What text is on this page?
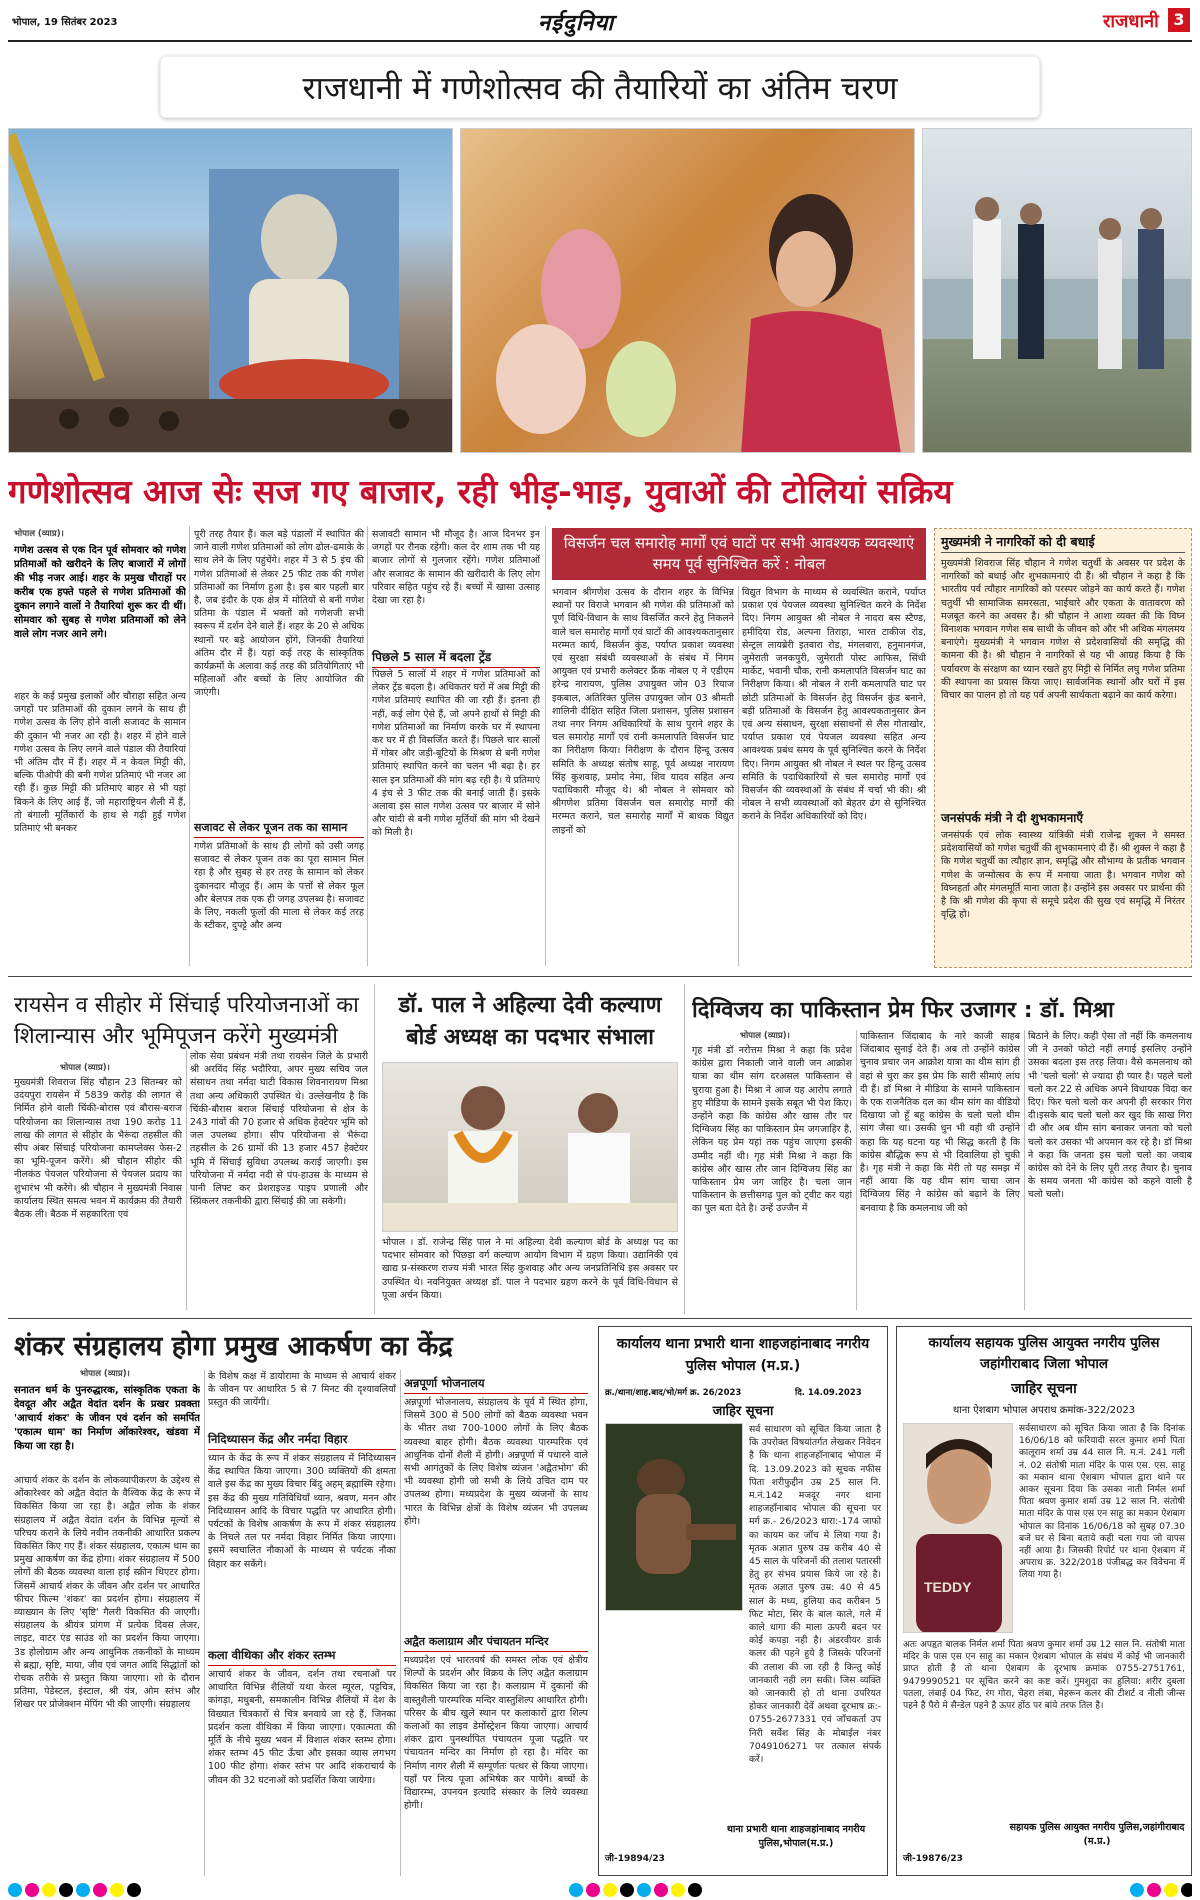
भोपाल, 19 सितंबर 2023	नईदुनिया	राजधानी 3
राजधानी में गणेशोत्सव की तैयारियों का अंतिम चरण
गणेशोत्सव आज सेः सज गए बाजार, रही भीड़-भाड़, युवाओं की टोलियां सक्रिय
भोपाल (व्याप्र)।
गणेश उत्सव से एक दिन पूर्व सोमवार को गणेश प्रतिमाओं को खरीदने के लिए बाजारों में लोगों की भीड़ नजर आई। शहर के प्रमुख चौराहों पर करीब एक हफ्ते पहले से गणेश प्रतिमाओं की दुकान लगाने वालों ने तैयारियां शुरू कर दी थीं। सोमवार को सुबह से गणेश प्रतिमाओं को लेने वाले लोग नजर आने लगे।
शहर के कई प्रमुख इलाकों और चौराहा सहित अन्य जगहों पर प्रतिमाओं की दुकान लगने के साथ ही गणेश उत्सव के लिए होने वाली सजावट के सामान की दुकान भी नजर आ रही है। शहर में होने वाले गणेश उत्सव के लिए लगने वाले पंडाल की तैयारियां भी अंतिम दौर में हैं। शहर में न केवल मिट्टी की, बल्कि पीओपी की बनी गणेश प्रतिमाएं भी नजर आ रही हैं। कुछ मिट्टी की प्रतिमाएं बाहर से भी यहां बिकने के लिए आई हैं, जो महाराष्ट्रियन शैली में हैं, तो बंगाली मूर्तिकारों के हाथ से गढ़ी हुई गणेश प्रतिमाएं भी बनकर
पूरी तरह तैयार हैं। कल बड़े पंडालों में स्थापित की जाने वाली गणेश प्रतिमाओं को लोग ढोल-ढमाके के साथ लेने के लिए पहुंचेंगे। शहर में 3 से 5 इंच की गणेश प्रतिमाओं से लेकर 25 फीट तक की गणेश प्रतिमाओं का निर्माण हुआ है। इस बार पहली बार है, जब इंदौर के एक क्षेत्र में मोतियों से बनी गणेश प्रतिमा के पंडाल में भक्तों को गणेशजी सभी स्वरूप में दर्शन देने वाले हैं। शहर के 20 से अधिक स्थानों पर बड़े आयोजन होंगे, जिनकी तैयारियां अंतिम दौर में हैं। यहां कई तरह के सांस्कृतिक कार्यक्रमों के अलावा कई तरह की प्रतियोगिताएं भी महिलाओं और बच्चों के लिए आयोजित की जाएंगी।
सजावट से लेकर पूजन तक का सामान
गणेश प्रतिमाओं के साथ ही लोगों को उसी जगह सजावट से लेकर पूजन तक का पूरा सामान मिल रहा है और सुबह से हर तरह के सामान को लेकर दुकानदार मौजूद हैं। आम के पत्तों से लेकर फूल और बेलपत्र तक एक ही जगह उपलब्ध है। सजावट के लिए, नकली फूलों की माला से लेकर कई तरह के स्टीकर, दुपट्टे और अन्य
सजावटी सामान भी मौजूद है। आज दिनभर इन जगहों पर रौनक रहेगी। कल देर शाम तक भी यह बाजार लोगों से गुलजार रहेंगे। गणेश प्रतिमाओं और सजावट के सामान की खरीदारी के लिए लोग परिवार सहित पहुंच रहे हैं। बच्चों में खासा उत्साह देखा जा रहा है।
पिछले 5 साल में बदला ट्रेंड
पिछले 5 सालों में शहर में गणेश प्रतिमाओं को लेकर ट्रेंड बदला है। अधिकतर घरों में अब मिट्टी की गणेश प्रतिमाएं स्थापित की जा रही हैं। इतना ही नहीं, कई लोग ऐसे हैं, जो अपने हाथों से मिट्टी की गणेश प्रतिमाओं का निर्माण करके घर में स्थापना कर घर में ही विसर्जित करते हैं। पिछले चार सालों में गोबर और जड़ी-बूटियों के मिश्रण से बनी गणेश प्रतिमाएं स्थापित करने का चलन भी बढ़ा है। हर साल इन प्रतिमाओं की मांग बढ़ रही है। ये प्रतिमाएं 4 इंच से 3 फीट तक की बनाई जाती हैं। इसके अलावा इस साल गणेश उत्सव पर बाजार में सोने और चांदी से बनी गणेश मूर्तियों की मांग भी देखने को मिली है।
विसर्जन चल समारोह मार्गों एवं घाटों पर सभी आवश्यक व्यवस्थाएं समय पूर्व सुनिश्चित करें : नोबल
भगवान श्रीगणेश उत्सव के दौरान शहर के विभिन्न स्थानों पर विराजे भगवान श्री गणेश की प्रतिमाओं को पूर्ण विधि-विधान के साथ विसर्जित करने हेतु निकलने वाले चल समारोह मार्गों एवं घाटों की आवश्यकतानुसार मरम्मत कार्य, विसर्जन कुंड, पर्याप्त प्रकाश व्यवस्था एवं सुरक्षा संबंधी व्यवस्थाओं के संबंध में निगम आयुक्त एवं प्रभारी कलेक्टर फ्रैंक नोबल ए ने एडीएम हरेन्द्र नारायण, पुलिस उपायुक्त जोन 03 रियाज इकबाल, अतिरिक्त पुलिस उपायुक्त जोन 03 श्रीमती शालिनी दीक्षित सहित जिला प्रशासन, पुलिस प्रशासन तथा नगर निगम अधिकारियों के साथ पुराने शहर के चल समारोह मार्गों एवं रानी कमलापति विसर्जन घाट का निरीक्षण किया। निरीक्षण के दौरान हिन्दू उत्सव समिति के अध्यक्ष संतोष साहू, पूर्व अध्यक्ष नारायण सिंह कुशवाह, प्रमोद नेमा, शिव यादव सहित अन्य पदाधिकारी मौजूद थे। श्री नोबल ने सोमवार को श्रीगणेश प्रतिमा विसर्जन चल समारोह मार्गों की मरम्मत कराने, चल समारोह मार्गों में बाधक विद्युत लाइनों को
विद्युत विभाग के माध्यम से व्यवस्थित कराने, पर्याप्त प्रकाश एवं पेयजल व्यवस्था सुनिश्चित करने के निर्देश दिए। निगम आयुक्त श्री नोबल ने नादरा बस स्टैण्ड, हमीदिया रोड, अल्पना तिराहा, भारत टाकीज रोड, सेन्ट्रल लायब्रेरी इतवारा रोड, मंगलवारा, हनुमानगंज, जुमेराती जनकपुरी, जुमेराती पोस्ट आफिस, सिंधी मार्केट, भवानी चौक, रानी कमलापति विसर्जन घाट का निरीक्षण किया। श्री नोबल ने रानी कमलापति घाट पर छोटी प्रतिमाओं के विसर्जन हेतु विसर्जन कुंड बनाने, बड़ी प्रतिमाओं के विसर्जन हेतु आवश्यकतानुसार क्रेन एवं अन्य संसाधन, सुरक्षा संसाधनों से लैस गोताखोर, पर्याप्त प्रकाश एवं पेयजल व्यवस्था सहित अन्य आवश्यक प्रबंध समय के पूर्व सुनिश्चित करने के निर्देश दिए। निगम आयुक्त श्री नोबल ने स्थल पर हिन्दू उत्सव समिति के पदाधिकारियों से चल समारोह मार्गों एवं विसर्जन की व्यवस्थाओं के संबंध में चर्चा भी की। श्री नोबल ने सभी व्यवस्थाओं को बेहतर ढंग से सुनिश्चित कराने के निर्देश अधिकारियों को दिए।
मुख्यमंत्री ने नागरिकों को दी बधाई
मुख्यमंत्री शिवराज सिंह चौहान ने गणेश चतुर्थी के अवसर पर प्रदेश के नागरिकों को बधाई और शुभकामनाएं दी हैं। श्री चौहान ने कहा है कि भारतीय पर्व त्यौहार नागरिकों को परस्पर जोड़ने का कार्य करते हैं। गणेश चतुर्थी भी सामाजिक समरसता, भाईचारे और एकता के वातावरण को मजबूत करने का अवसर है। श्री चौहान ने आशा व्यक्त की कि विघ्न विनाशक भगवान गणेश सब साथी के जीवन को और भी अधिक मंगलमय बनाएंगे। मुख्यमंत्री ने भगवान गणेश से प्रदेशवासियों की समृद्धि की कामना की है। श्री चौहान ने नागरिकों से यह भी आग्रह किया है कि पर्यावरण के संरक्षण का ध्यान रखते हुए मिट्टी से निर्मित लघु गणेश प्रतिमा की स्थापना का प्रयास किया जाए। सार्वजनिक स्थानों और घरों में इस विचार का पालन हो तो यह पर्व अपनी सार्थकता बढ़ाने का कार्य करेगा।
जनसंपर्क मंत्री ने दी शुभकामनाएँ
जनसंपर्क एवं लोक स्वास्थ्य यांत्रिकी मंत्री राजेन्द्र शुक्ल ने समस्त प्रदेशवासियों को गणेश चतुर्थी की शुभकामनाएं दी हैं। श्री शुक्ल ने कहा है कि गणेश चतुर्थी का त्यौहार ज्ञान, समृद्धि और सौभाग्य के प्रतीक भगवान गणेश के जन्मोत्सव के रूप में मनाया जाता है। भगवान गणेश को विघ्नहर्ता और मंगलमूर्ति माना जाता है। उन्होंने इस अवसर पर प्रार्थना की है कि श्री गणेश की कृपा से समूचे प्रदेश की सुख एवं समृद्धि में निरंतर वृद्धि हो।
रायसेन व सीहोर में सिंचाई परियोजनाओं का शिलान्यास और भूमिपूजन करेंगे मुख्यमंत्री
भोपाल (व्याप्र)।
मुख्यमंत्री शिवराज सिंह चौहान 23 सितम्बर को उदयपुरा रायसेन में 5839 करोड़ की लागत से निर्मित होने वाली चिंकी-बोरास एवं बौरास-बराज परियोजना का शिलान्यास तथा 190 करोड़ 11 लाख की लागत से सीहोर के भैरूंदा तहसील की सीप अंबर सिंचाई परियोजना कामप्लेक्स फेस-2 का भूमि-पूजन करेंगे। श्री चौहान सीहोर की नीलकंठ पेयजल परियोजना से पेयजल प्रदाय का शुभारंभ भी करेंगे। श्री चौहान ने मुख्यमंत्री निवास कार्यालय स्थित समत्व भवन में कार्यक्रम की तैयारी बैठक ली। बैठक में सहकारिता एवं
लोक सेवा प्रबंधन मंत्री तथा रायसेन जिले के प्रभारी श्री अरविंद सिंह भदौरिया, अपर मुख्य सचिव जल संसाधन तथा नर्मदा घाटी विकास शिवनारायण मिश्रा तथा अन्य अधिकारी उपस्थित थे। उल्लेखनीय है कि चिंकी-बौरास बराज सिंचाई परियोजना से क्षेत्र के 243 गांवों की 70 हजार से अधिक हेक्टेयर भूमि को जल उपलब्ध होगा। सीप परियोजना से भैरूंदा तहसील के 26 ग्रामों की 13 हजार 457 हेक्टेयर भूमि में सिंचाई सुविधा उपलब्ध कराई जाएगी। इस परियोजना में नर्मदा नदी से पंप-हाउस के माध्यम से पानी लिफ्ट कर प्रेशराइज्ड पाइप प्रणाली और स्प्रिंकलर तकनीकी द्वारा सिंचाई की जा सकेगी।
डॉ. पाल ने अहिल्या देवी कल्याण बोर्ड अध्यक्ष का पदभार संभाला
भोपाल । डॉ. राजेन्द्र सिंह पाल ने मां अहिल्या देवी कल्याण बोर्ड के अध्यक्ष पद का पदभार सोमवार को पिछड़ा वर्ग कल्याण आयोग विभाग में ग्रहण किया। उद्यानिकी एवं खाद्य प्र-संस्करण राज्य मंत्री भारत सिंह कुशवाह और अन्य जनप्रतिनिधि इस अवसर पर उपस्थित थे। नवनियुक्त अध्यक्ष डॉ. पाल ने पदभार ग्रहण करने के पूर्व विधि-विधान से पूजा अर्चन किया।
दिग्विजय का पाकिस्तान प्रेम फिर उजागर : डॉ. मिश्रा
भोपाल (व्याप्र)।
गृह मंत्री डॉ नरोत्तम मिश्रा ने कहा कि प्रदेश कांग्रेस द्वारा निकाली जाने वाली जन आक्रोश यात्रा का थीम सांग दरअसल पाकिस्तान से चुराया हुआ है। मिश्रा ने आज यह आरोप लगाते हुए मीडिया के सामने इसके सबूत भी पेश किए। उन्होंने कहा कि कांग्रेस और खास तौर पर दिग्विजय सिंह का पाकिस्तान प्रेम जगजाहिर है, लेकिन यह प्रेम यहां तक पहुंच जाएगा इसकी उम्मीद नहीं थी। गृह मंत्री मिश्रा ने कहा कि कांग्रेस और खास तौर जान दिग्विजय सिंह का पाकिस्तान प्रेम जग जाहिर है। चला जान पाकिस्तान के छत्तीसगढ़ पुल को ट्वीट कर यहां का पुल बता देते है। उन्हें उज्जैन में
पाकिस्तान जिंदाबाद के नारे काजी साहब जिंदाबाद सुनाई देते हैं। अब तो उन्होंने कांग्रेस चुनाव प्रचार जन आक्रोश यात्रा का थीम सांग ही वहां से चुरा कर इस प्रेम कि सारी सीमाएं लांघ दी हैं। डॉ मिश्रा ने मीडिया के सामने पाकिस्तान के एक राजनैतिक दल का थीम सांग का वीडियो दिखाया जो हूँ बहू कांग्रेस के चलो चलो थीम सांग जैसा था। उसकी धुन भी वही थी उन्होंने कहा कि यह घटना यह भी सिद्ध करती है कि कांग्रेस बौद्धिक रूप से भी दिवालिया हो चुकी है। गृह मंत्री ने कहा कि मेरी तो यह समझ में नहीं आया कि यह थीम सांग चाचा जान दिग्विजय सिंह ने कांग्रेस को बढ़ाने के लिए बनवाया है कि कमलनाथ जी को
बिठाने के लिए। कही ऐसा तो नहीं कि कमलनाथ जी ने उनको फोटो नहीं लगाई इसलिए उन्होंने उसका बदला इस तरह लिया। वैसे कमलनाथ को भी 'चलो चलो' से ज्यादा ही प्यार है। पहले चलो चलो कर 22 से अधिक अपने विधायक विदा कर दिए। फिर चलो चलो कर अपनी ही सरकार गिरा दी।इसके बाद चलो चलो कर खुद कि साख गिरा दी और अब थीम सांग बनाकर जनता को चलो चलो कर उसका भी अपमान कर रहे है। डॉ मिश्रा ने कहा कि जनता इस चलो चलो का जवाब कांग्रेस को देने के लिए पूरी तरह तैयार है। चुनाव के समय जनता भी कांग्रेस को कहने वाली है चलो चलो।
शंकर संग्रहालय होगा प्रमुख आकर्षण का केंद्र
भोपाल (व्याप्र)।
सनातन धर्म के पुनरुद्धारक, सांस्कृतिक एकता के देवदूत और अद्वैत वेदांत दर्शन के प्रखर प्रवक्ता 'आचार्य शंकर' के जीवन एवं दर्शन को समर्पित 'एकात्म धाम' का निर्माण ओंकारेश्वर, खंडवा में किया जा रहा है।
आचार्य शंकर के दर्शन के लोकव्यापीकरण के उद्देश्य से ओंकारेश्वर को अद्वैत वेदांत के वैश्विक केंद्र के रूप में विकसित किया जा रहा है। अद्वैत लोक के शंकर संग्रहालय में अद्वैत वेदांत दर्शन के विभिन्न मूल्यों से परिचय कराने के लिये नवीन तकनीकी आधारित प्रकल्प विकसित किए गए हैं। शंकर संग्रहालय, एकात्म धाम का प्रमुख आकर्षण का केंद्र होगा। शंकर संग्रहालय में 500 लोगों की बैठक व्यवस्था वाला हाई स्क्रीन थिएटर होगा। जिसमें आचार्य शंकर के जीवन और दर्शन पर आधारित फीचर फिल्म 'शंकर' का प्रदर्शन होगा। संग्रहालय में व्याख्यान के लिए 'सृष्टि' गैलरी विकसित की जाएगी। संग्रहालय के श्रीयंत्र प्रांगण में प्रत्येक दिवस लेजर, लाइट, वाटर एंड साउंड शो का प्रदर्शन किया जाएगा। 3ड होलोग्राम और अन्य आधुनिक तकनीकों के माध्यम से ब्रह्मा, सृष्टि, माया, जीव एवं जगत आदि सिद्धांतों को रोचक तरीके से प्रस्तुत किया जाएगा। शो के दौरान प्रतिमा, पेडेस्टल, इंस्टाल, श्री यंत्र, ओम स्तंभ और शिखर पर प्रोजेक्शन मेपिंग भी की जाएगी। संग्रहालय
के विशेष कक्ष में डायोरामा के माध्यम से आचार्य शंकर के जीवन पर आधारित 5 से 7 मिनट की दृश्यावलियाँ प्रस्तुत की जायेंगी।
निदिध्यासन केंद्र और नर्मदा विहार
ध्यान के केंद्र के रूप में शंकर संग्रहालय में निदिध्यासन केंद्र स्थापित किया जाएगा। 300 व्यक्तियों की क्षमता वाले इस केंद्र का मुख्य विचार बिंदु अहम् ब्रह्मास्मि रहेगा। इस केंद्र की मुख्य गतिविधियाँ ध्यान, श्रवण, मनन और निदिध्यासन आदि के विचार पद्धति पर आधारित होगी। पर्यटकों के विशेष आकर्षण के रूप में शंकर संग्रहालय के निचले तल पर नर्मदा विहार निर्मित किया जाएगा। इसमें स्वचालित नौकाओं के माध्यम से पर्यटक नौका विहार कर सकेंगे।
कला वीथिका और शंकर स्तम्भ
आचार्य शंकर के जीवन, दर्शन तथा रचनाओं पर आधारित विभिन्न शैलियों यथा केरल म्यूरल, पट्टचित्र, कांगड़ा, मधुबनी, समकालीन विभिन्न शैलियों में देश के विख्यात चित्रकारों से चित्र बनवाये जा रहे हैं, जिनका प्रदर्शन कला वीथिका में किया जाएगा। एकात्मता की मूर्ति के नीचे मुख्य भवन में विशाल शंकर स्तम्भ होगा। शंकर स्तम्भ 45 फीट ऊँचा और इसका व्यास लगभग 100 फीट होगा। शंकर स्तंभ पर आदि शंकराचार्य के जीवन की 32 घटनाओं को प्रदर्शित किया जायेगा।
अन्नपूर्णा भोजनालय
अन्नपूर्णा भोजनालय, संग्रहालय के पूर्व में स्थित होगा, जिसमें 300 से 500 लोगों को बैठक व्यवस्था भवन के भीतर तथा 700-1000 लोगों के लिए बैठक व्यवस्था बाहर होगी। बैठक व्यवस्था पारम्परिक एवं आधुनिक दोनों शैली में होगी। अन्नपूर्णा में पधारने वाले सभी आगंतुकों के लिए विशेष व्यंजन 'अद्वैतभोग' की भी व्यवस्था होगी जो सभी के लिये उचित दाम पर उपलब्ध होगा। मध्यप्रदेश के मुख्य व्यंजनों के साथ भारत के विभिन्न क्षेत्रों के विशेष व्यंजन भी उपलब्ध होंगे।
अद्वैत कलाग्राम और पंचायतन मन्दिर
मध्यप्रदेश एवं भारतवर्ष की समस्त लोक एवं क्षेत्रीय शिल्पों के प्रदर्शन और विक्रय के लिए अद्वैत कलाग्राम विकसित किया जा रहा है। कलाग्राम में दुकानों की वास्तुशैली पारम्परिक मन्दिर वास्तुशिल्प आधारित होगी। परिसर के बीच खुले स्थान पर कलाकारों द्वारा शिल्प कलाओं का लाइव डेमोंस्ट्रेशन किया जाएगा। आचार्य शंकर द्वारा पुनर्स्थापित पंचायतन पूजा पद्धति पर पंचायतन मन्दिर का निर्माण हो रहा है। मंदिर का निर्माण नागर शैली में सम्पूर्णतः पत्थर से किया जाएगा। यहाँ पर नित्य पूजा अभिषेक कर पायेंगे। बच्चों के विद्यारम्भ, उपनयन इत्यादि संस्कार के लिये व्यवस्था होगी।
कार्यालय थाना प्रभारी थाना शाहजहांनाबाद नगरीय पुलिस भोपाल (म.प्र.)
क्र./थाना/शाह.बाद/भो/मर्ग क्र. 26/2023	दि. 14.09.2023
जाहिर सूचना
सर्व साधारण को सूचित किया जाता है कि उपरोक्त विषयांतर्गत लेखकर निवेदन है कि थाना शाहजहाँनाबाद भोपाल में दि. 13.09.2023 को सूचक नफीस पिता शरीफुद्दीन उम्र 25 साल नि. म.नं.142 मजदूर नगर थाना शाहजहाँनाबाद भोपाल की सूचना पर मर्ग क्र.- 26/2023 धारा:-174 जाफो का कायम कर जॉच मे लिया गया है। मृतक अज्ञात पुरुष उम्र करीब 40 से 45 साल के परिजनों की तलाश पतारसी हेतु हर संभव प्रयास किये जा रहे है। मृतक अज्ञात पुरुष उम्र: 40 से 45 साल के मध्य, हुलिया कद करीबन 5 फिट मोटा, सिर के बाल काले, गले में काले धागा की माला ऊपरी बदन पर कोई कपड़ा नही है। अंडरवीयर डार्क कलर की पहने हुये है जिसके परिजनों की तलाश की जा रही है किन्तु कोई जानकारी नही लग सकी। जिस व्यक्ति को जानकारी हो तो थाना उपरियत होकर जानकारी देवें अथवा दूरभाष क्र:- 0755-2677331 एवं जाँचकर्ता उप निरी सर्वेश सिंह के मोबाईल नंबर 7049106271 पर तत्काल संपर्क करें।
थाना प्रभारी थाना शाहजहांनाबाद नगरीय पुलिस,भोपाल(म.प्र.)
जी-19894/23
कार्यालय सहायक पुलिस आयुक्त नगरीय पुलिस जहांगीराबाद जिला भोपाल
जाहिर सूचना
थाना ऐशबाग भोपाल अपराध क्रमांक-322/2023
TEDDY
सर्वसाधारण को सूचित किया जाता है कि दिनांक 16/06/18 को फरियादी सरल कुमार शर्मा पिता कालूराम शर्मा उम्र 44 साल नि. म.नं. 241 गली नं. 02 संतोषी माता मंदिर के पास एस. एस. साहू का मकान थाना ऐशबाग भोपाल द्वारा थाने पर आकर सूचना दिया कि उसका नाती निर्मल शर्मा पिता श्रवण कुमार शर्मा उम्र 12 साल नि. संतोषी माता मंदिर के पास एस एन साहू का मकान ऐशबाग भोपाल का दिनांक 16/06/18 को सुबह 07.30 बजे घर से बिना बताये कही चला गया जो वापस नहीं आया है। जिसकी रिपोर्ट पर थाना ऐशबाग में अपराध क्र. 322/2018 पंजीबद्ध कर विवेचना में लिया गया है।
अतः अपहृत बालक निर्मल शर्मा पिता श्रवण कुमार शर्मा उम्र 12 साल नि. संतोषी माता मंदिर के पास एस एन साहू का मकान ऐशबाग भोपाल के संबंध में कोई भी जानकारी प्राप्त होती है तो थाना ऐशबाग के दूरभाष क्रमांक 0755-2751761, 9479990521 पर सूचित करने का कष्ट करें। गुमशुदा का हुलिया: शरीर दुबला पतला, लंबाई 04 फिट, रंग गोरा, चेहरा लंबा, मेहरून कलर की टीशर्ट व नीली जीन्स पहने है पैरो मे सैन्डेल पहने है ऊपर होंठ पर बांये तरफ तिल है।
सहायक पुलिस आयुक्त नगरीय पुलिस,जहांगीराबाद (म.प्र.)
जी-19876/23
